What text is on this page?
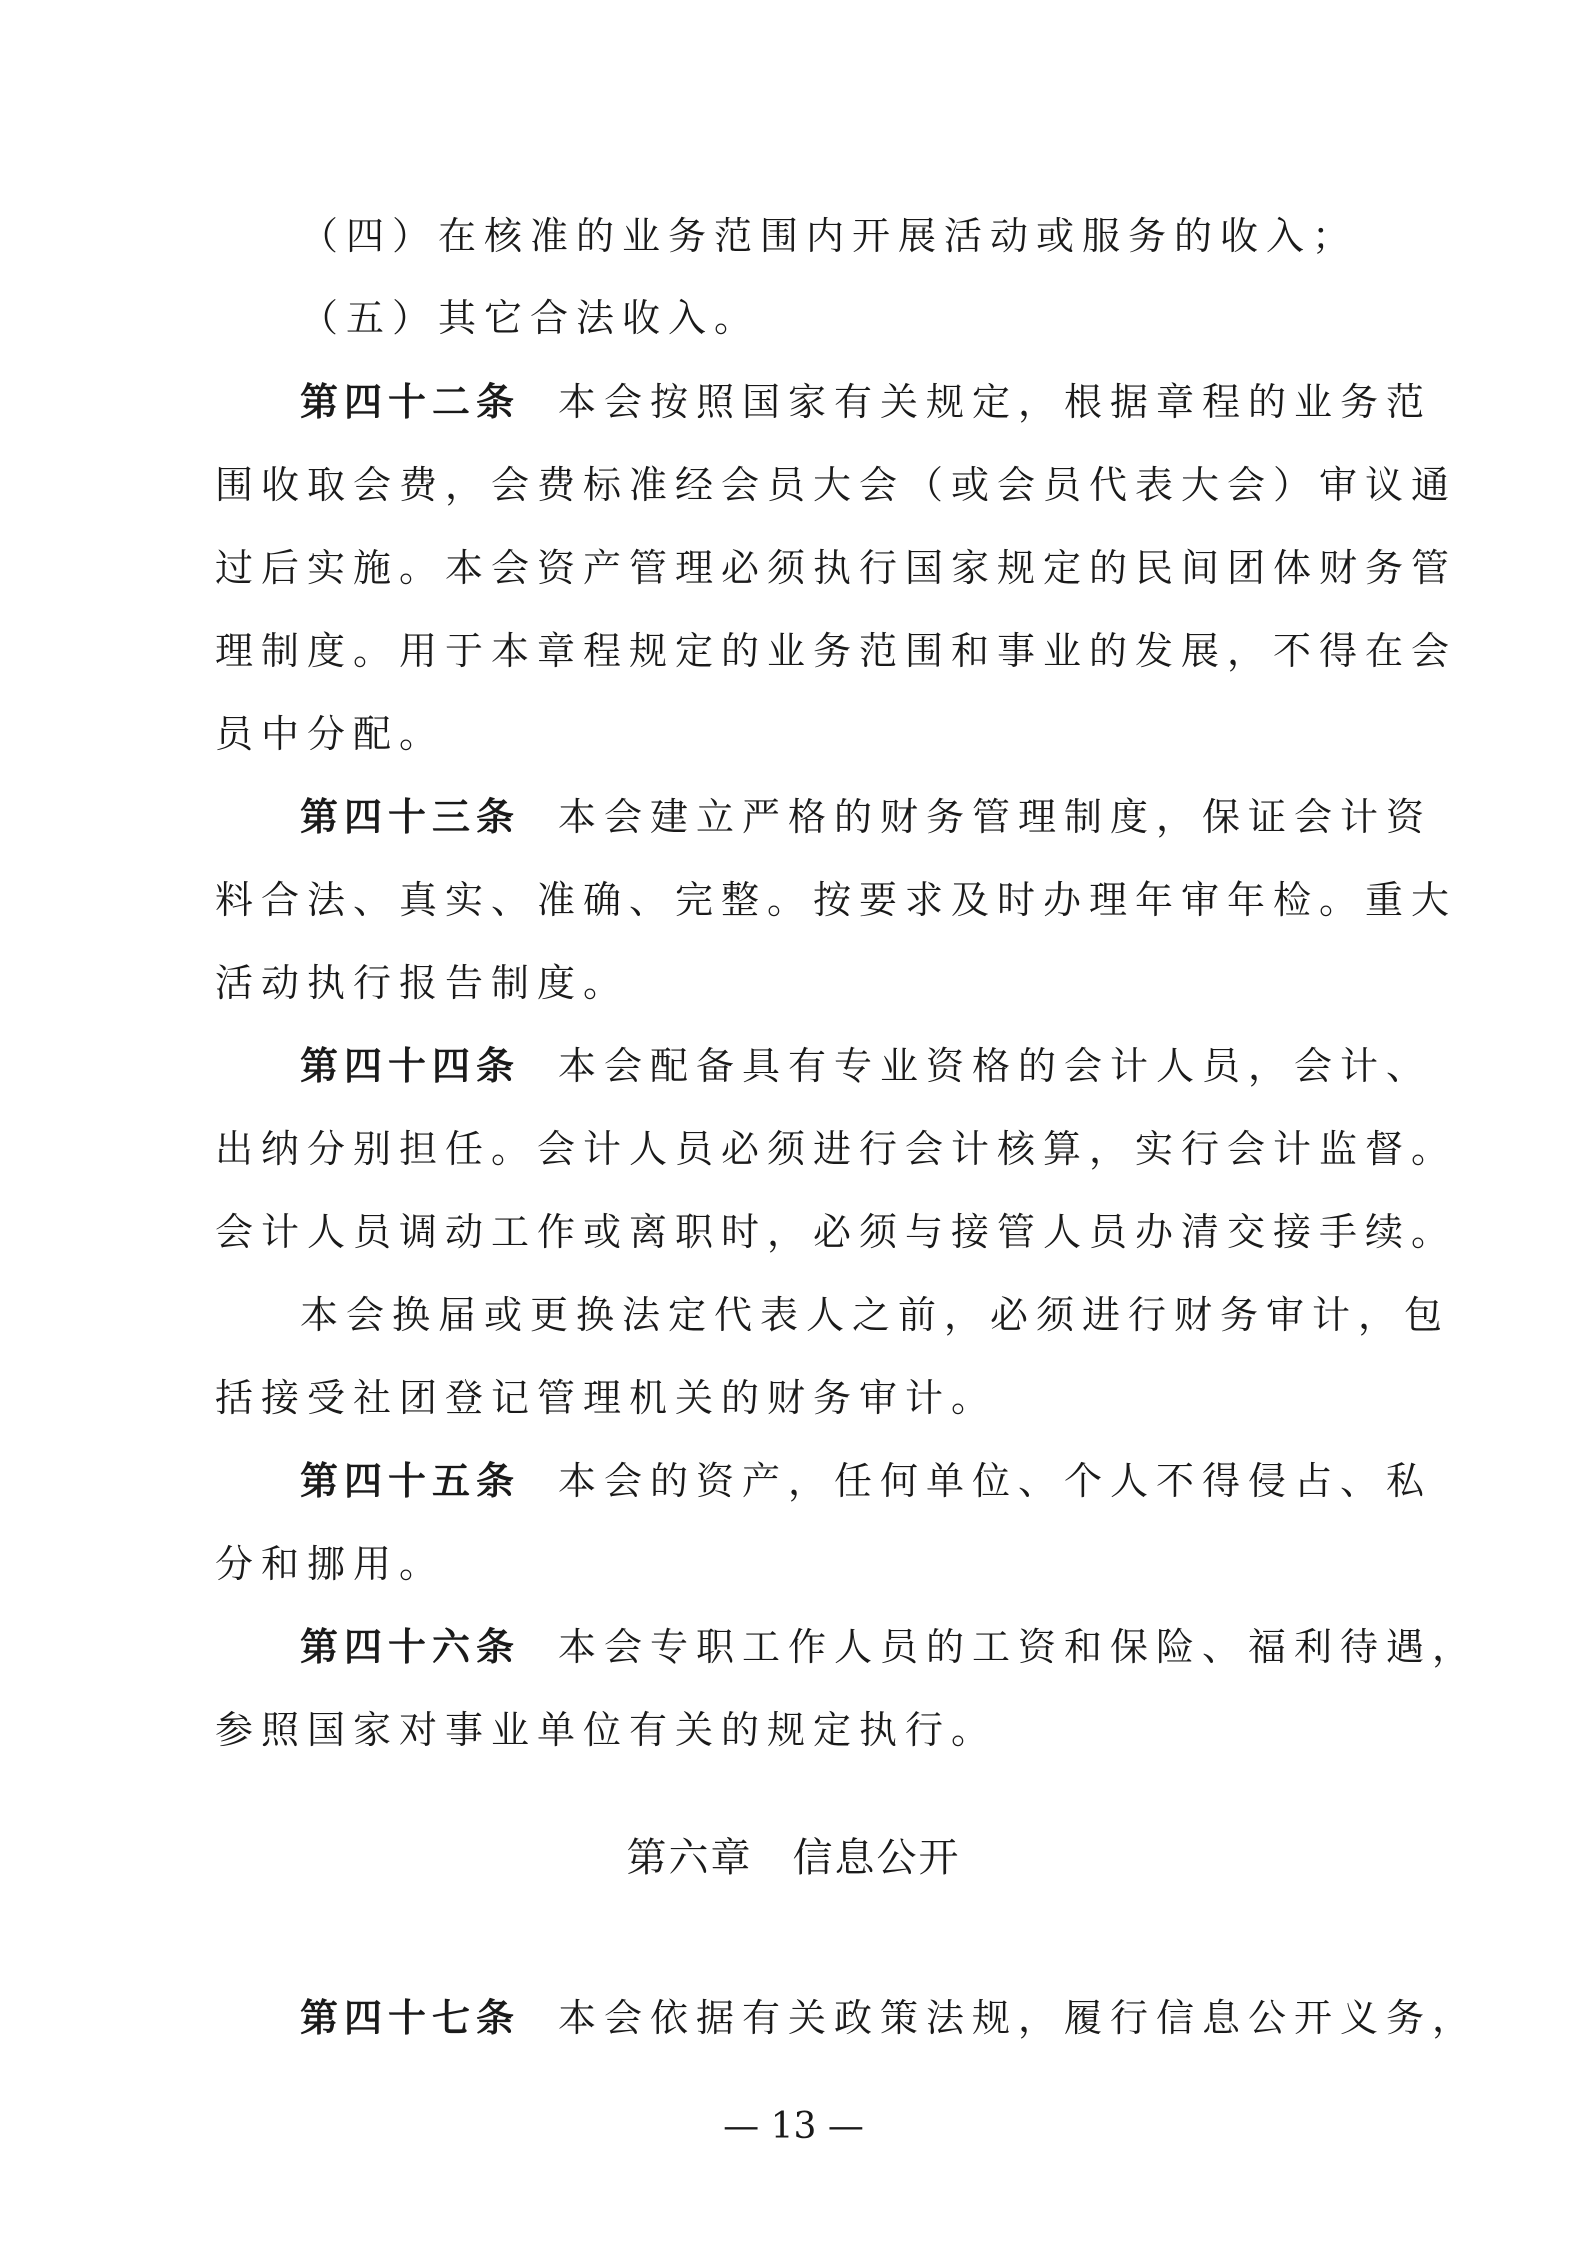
（四）在核准的业务范围内开展活动或服务的收入；
（五）其它合法收入。
第四十二条 本会按照国家有关规定，根据章程的业务范
围收取会费，会费标准经会员大会（或会员代表大会）审议通
过后实施。本会资产管理必须执行国家规定的民间团体财务管
理制度。用于本章程规定的业务范围和事业的发展，不得在会
员中分配。
第四十三条 本会建立严格的财务管理制度，保证会计资
料合法、真实、准确、完整。按要求及时办理年审年检。重大
活动执行报告制度。
第四十四条 本会配备具有专业资格的会计人员，会计、
出纳分别担任。会计人员必须进行会计核算，实行会计监督。
会计人员调动工作或离职时，必须与接管人员办清交接手续。
本会换届或更换法定代表人之前，必须进行财务审计，包
括接受社团登记管理机关的财务审计。
第四十五条 本会的资产，任何单位、个人不得侵占、私
分和挪用。
第四十六条 本会专职工作人员的工资和保险、福利待遇，
参照国家对事业单位有关的规定执行。
第六章 信息公开
第四十七条 本会依据有关政策法规，履行信息公开义务，
— 13 —
